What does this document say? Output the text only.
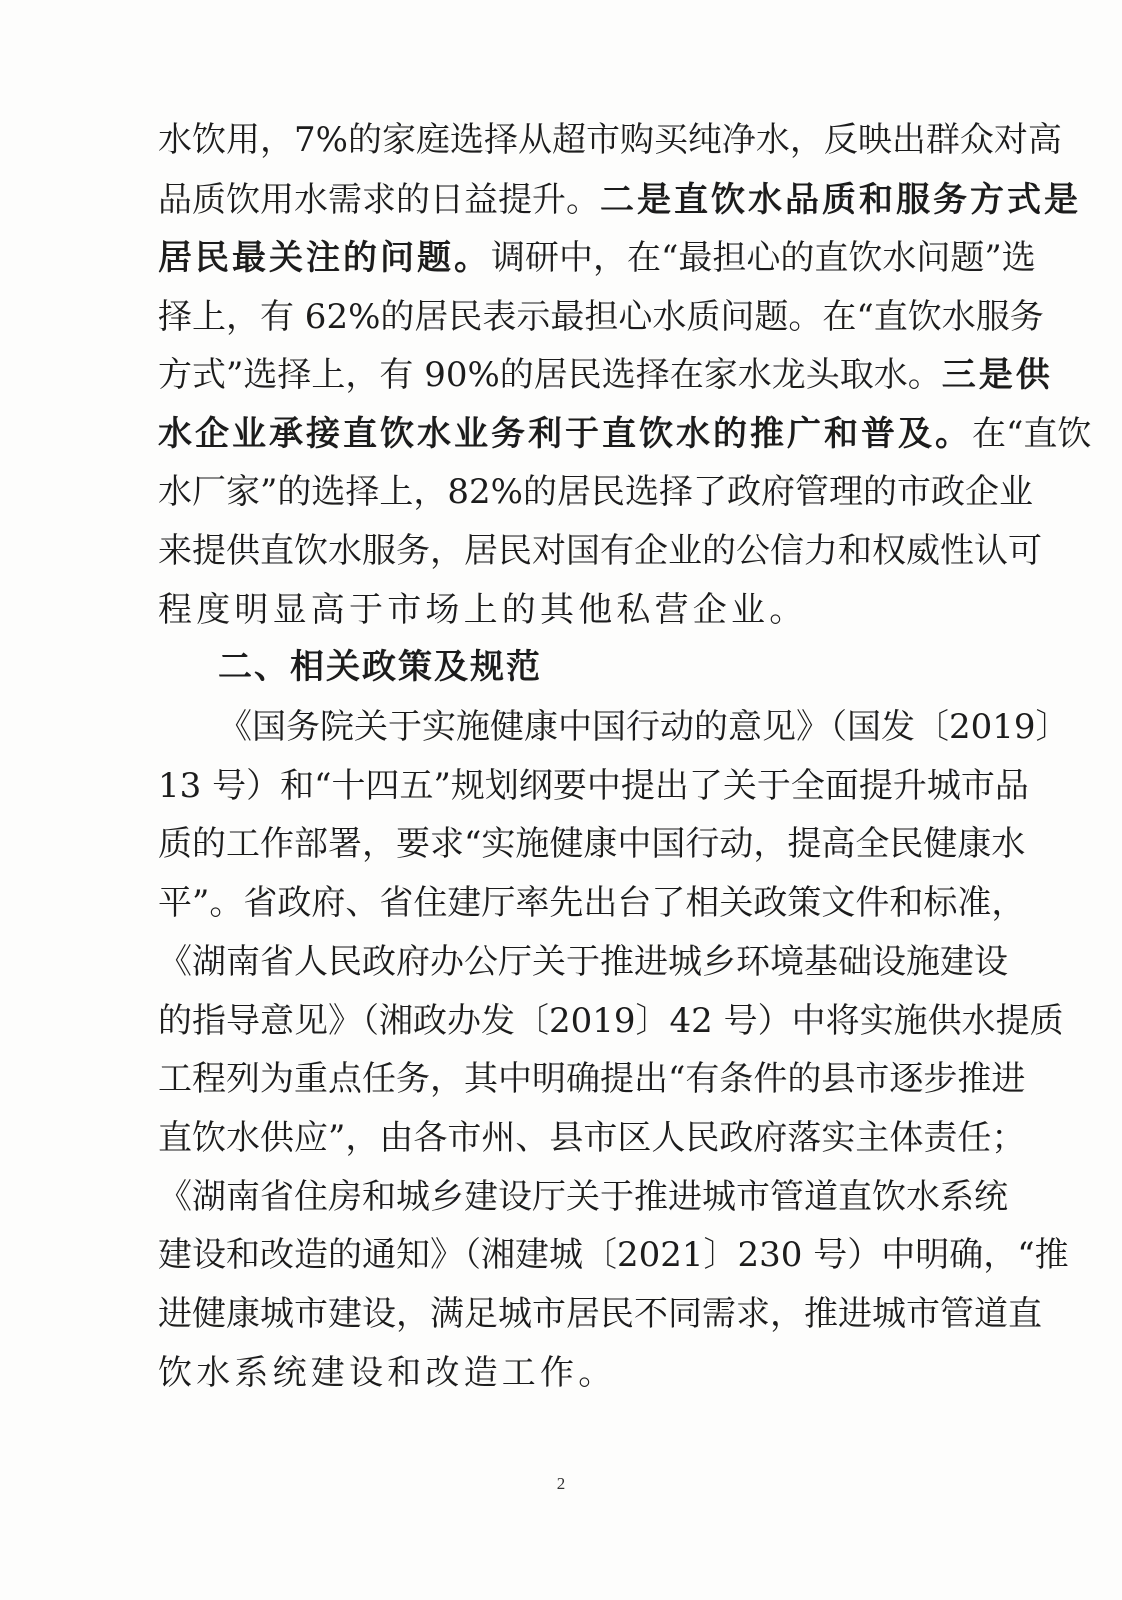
水饮用，7%的家庭选择从超市购买纯净水，反映出群众对高
品质饮用水需求的日益提升。二是直饮水品质和服务方式是
居民最关注的问题。调研中，在“最担心的直饮水问题”选
择上，有 62%的居民表示最担心水质问题。在“直饮水服务
方式”选择上，有 90%的居民选择在家水龙头取水。三是供
水企业承接直饮水业务利于直饮水的推广和普及。在“直饮
水厂家”的选择上，82%的居民选择了政府管理的市政企业
来提供直饮水服务，居民对国有企业的公信力和权威性认可
程度明显高于市场上的其他私营企业。
二、相关政策及规范
《国务院关于实施健康中国行动的意见》（国发〔2019〕
13 号）和“十四五”规划纲要中提出了关于全面提升城市品
质的工作部署，要求“实施健康中国行动，提高全民健康水
平”。省政府、省住建厅率先出台了相关政策文件和标准，
《湖南省人民政府办公厅关于推进城乡环境基础设施建设
的指导意见》（湘政办发〔2019〕42 号）中将实施供水提质
工程列为重点任务，其中明确提出“有条件的县市逐步推进
直饮水供应”，由各市州、县市区人民政府落实主体责任；
《湖南省住房和城乡建设厅关于推进城市管道直饮水系统
建设和改造的通知》（湘建城〔2021〕230 号）中明确，“推
进健康城市建设，满足城市居民不同需求，推进城市管道直
饮水系统建设和改造工作。
2
